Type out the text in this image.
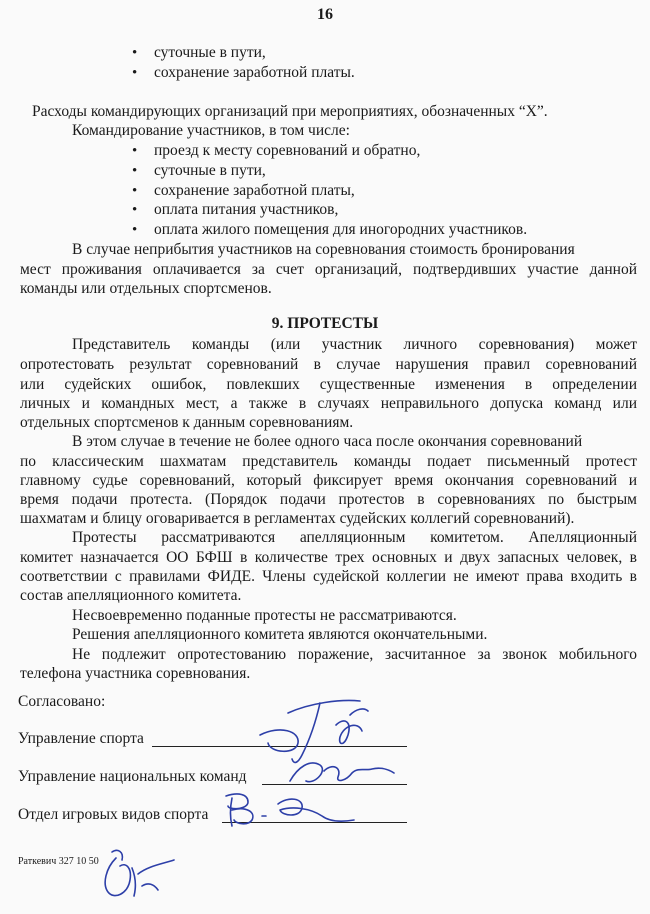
16
• суточные в пути,
• сохранение заработной платы.
Расходы командирующих организаций при мероприятиях, обозначенных “X”.
Командирование участников, в том числе:
• проезд к месту соревнований и обратно,
• суточные в пути,
• сохранение заработной платы,
• оплата питания участников,
• оплата жилого помещения для иногородних участников.
В случае неприбытия участников на соревнования стоимость бронирования
мест проживания оплачивается за счет организаций, подтвердивших участие данной
команды или отдельных спортсменов.
9. ПРОТЕСТЫ
Представитель команды (или участник личного соревнования) может
опротестовать результат соревнований в случае нарушения правил соревнований
или судейских ошибок, повлекших существенные изменения в определении
личных и командных мест, а также в случаях неправильного допуска команд или
отдельных спортсменов к данным соревнованиям.
В этом случае в течение не более одного часа после окончания соревнований
по классическим шахматам представитель команды подает письменный протест
главному судье соревнований, который фиксирует время окончания соревнований и
время подачи протеста. (Порядок подачи протестов в соревнованиях по быстрым
шахматам и блицу оговаривается в регламентах судейских коллегий соревнований).
Протесты рассматриваются апелляционным комитетом. Апелляционный
комитет назначается ОО БФШ в количестве трех основных и двух запасных человек, в
соответствии с правилами ФИДЕ. Члены судейской коллегии не имеют права входить в
состав апелляционного комитета.
Несвоевременно поданные протесты не рассматриваются.
Решения апелляционного комитета являются окончательными.
Не подлежит опротестованию поражение, засчитанное за звонок мобильного
телефона участника соревнования.
Согласовано:
Управление спорта
Управление национальных команд
Отдел игровых видов спорта
Раткевич 327 10 50
